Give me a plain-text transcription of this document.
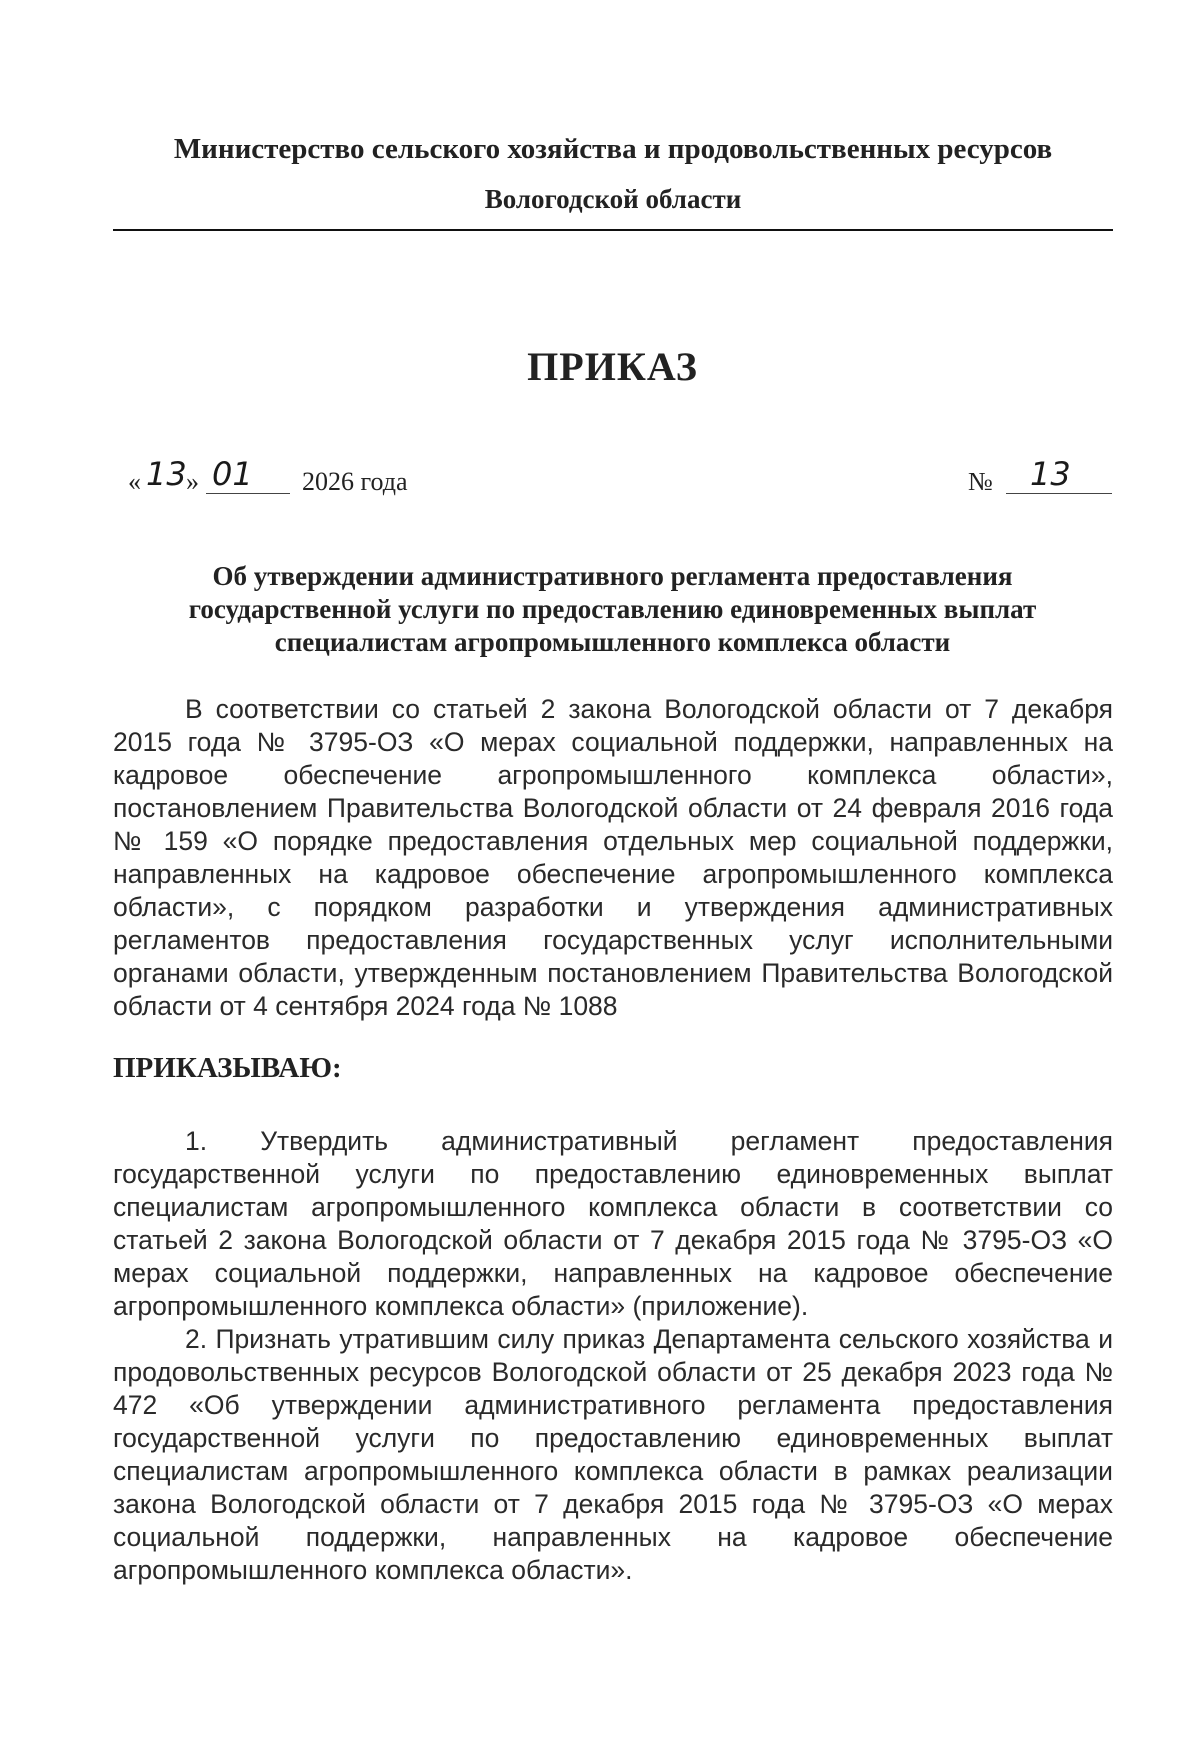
Министерство сельского хозяйства и продовольственных ресурсов
Вологодской области
ПРИКАЗ
« 13 » 01 2026 года	№ 13
Об утверждении административного регламента предоставления государственной услуги по предоставлению единовременных выплат специалистам агропромышленного комплекса области
В соответствии со статьей 2 закона Вологодской области от 7 декабря 2015 года № 3795-ОЗ «О мерах социальной поддержки, направленных на кадровое обеспечение агропромышленного комплекса области», постановлением Правительства Вологодской области от 24 февраля 2016 года № 159 «О порядке предоставления отдельных мер социальной поддержки, направленных на кадровое обеспечение агропромышленного комплекса области», с порядком разработки и утверждения административных регламентов предоставления государственных услуг исполнительными органами области, утвержденным постановлением Правительства Вологодской области от 4 сентября 2024 года № 1088
ПРИКАЗЫВАЮ:
1. Утвердить административный регламент предоставления государственной услуги по предоставлению единовременных выплат специалистам агропромышленного комплекса области в соответствии со статьей 2 закона Вологодской области от 7 декабря 2015 года № 3795-ОЗ «О мерах социальной поддержки, направленных на кадровое обеспечение агропромышленного комплекса области» (приложение).
2. Признать утратившим силу приказ Департамента сельского хозяйства и продовольственных ресурсов Вологодской области от 25 декабря 2023 года № 472 «Об утверждении административного регламента предоставления государственной услуги по предоставлению единовременных выплат специалистам агропромышленного комплекса области в рамках реализации закона Вологодской области от 7 декабря 2015 года № 3795-ОЗ «О мерах социальной поддержки, направленных на кадровое обеспечение агропромышленного комплекса области».
